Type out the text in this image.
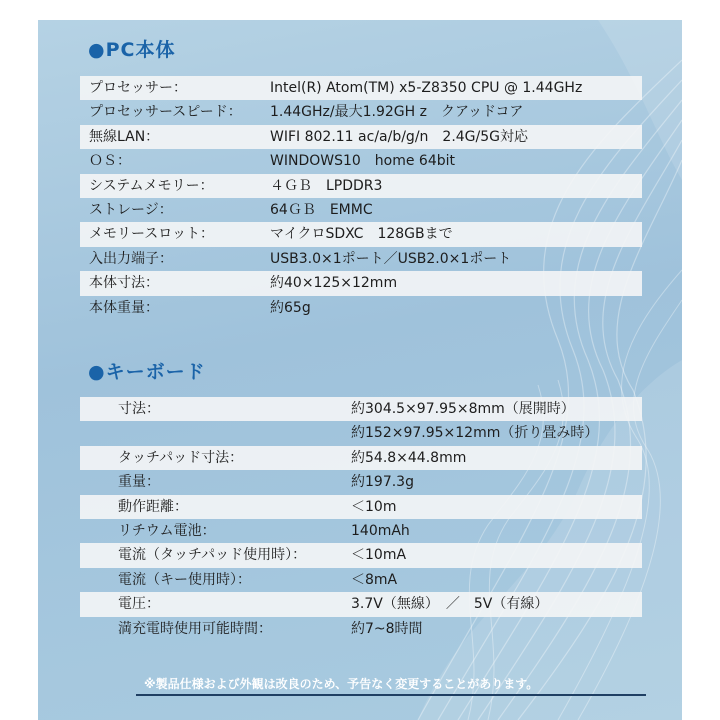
●PC本体
プロセッサー：	Intel(R) Atom(TM) x5-Z8350 CPU @ 1.44GHz
プロセッサースピード： 1.44GHz/最大1.92GH z　クアッドコア
無線LAN：	WIFI 802.11 ac/a/b/g/n　2.4G/5G対応
ＯＳ：	WINDOWS10　home 64bit
システムメモリー：	４ＧＢ　LPDDR3
ストレージ：	64ＧＢ　EMMC
メモリースロット：	マイクロSDXC　128GBまで
入出力端子：	USB3.0×1ポート／USB2.0×1ポート
本体寸法：	約40×125×12mm
本体重量：	約65g
●キーボード
寸法：	約304.5×97.95×8mm（展開時）
約152×97.95×12mm（折り畳み時）
タッチパッド寸法：	約54.8×44.8mm
重量：	約197.3g
動作距離：	＜10m
リチウム電池：	140mAh
電流（タッチパッド使用時）：	＜10mA
電流（キー使用時）：	＜8mA
電圧：	3.7V（無線）　／　5V（有線）
満充電時使用可能時間：	約7~8時間
※製品仕様および外観は改良のため、予告なく変更することがあります。
